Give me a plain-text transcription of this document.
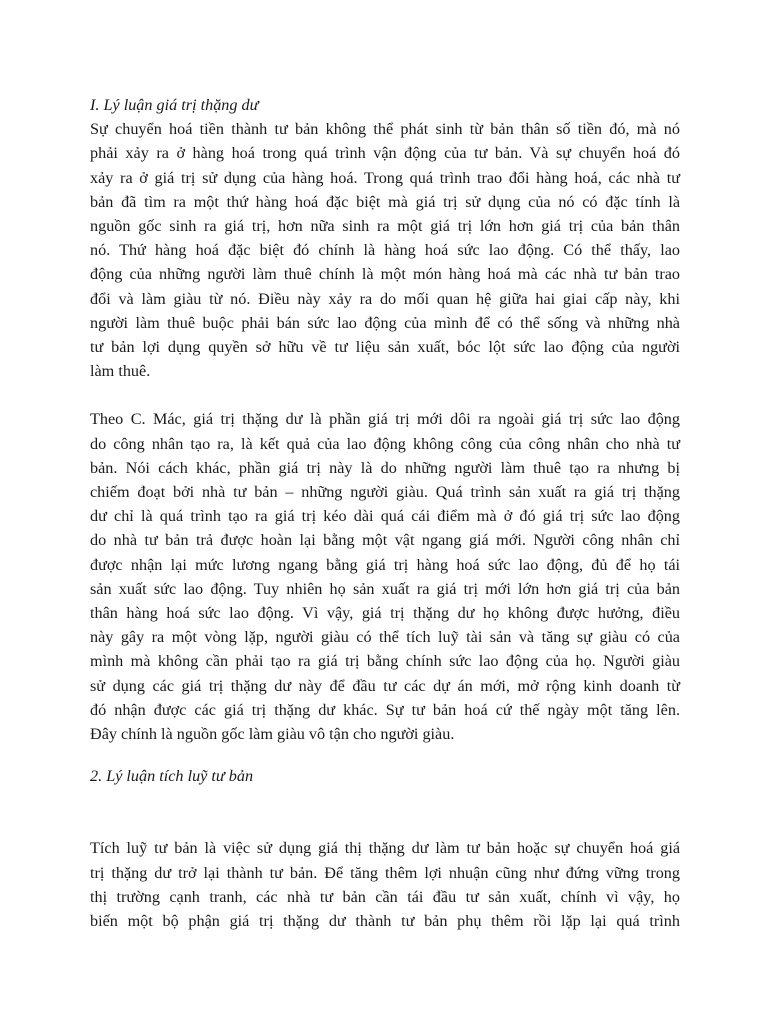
I. Lý luận giá trị thặng dư

Sự chuyển hoá tiền thành tư bản không thể phát sinh từ bản thân số tiền đó, mà nó
phải xảy ra ở hàng hoá trong quá trình vận động của tư bản. Và sự chuyển hoá đó
xảy ra ở giá trị sử dụng của hàng hoá. Trong quá trình trao đổi hàng hoá, các nhà tư
bản đã tìm ra một thứ hàng hoá đặc biệt mà giá trị sử dụng của nó có đặc tính là
nguồn gốc sinh ra giá trị, hơn nữa sinh ra một giá trị lớn hơn giá trị của bản thân
nó. Thứ hàng hoá đặc biệt đó chính là hàng hoá sức lao động. Có thể thấy, lao
động của những người làm thuê chính là một món hàng hoá mà các nhà tư bản trao
đổi và làm giàu từ nó. Điều này xảy ra do mối quan hệ giữa hai giai cấp này, khi
người làm thuê buộc phải bán sức lao động của mình để có thể sống và những nhà
tư bản lợi dụng quyền sở hữu về tư liệu sản xuất, bóc lột sức lao động của người
làm thuê.

Theo C. Mác, giá trị thặng dư là phần giá trị mới dôi ra ngoài giá trị sức lao động
do công nhân tạo ra, là kết quả của lao động không công của công nhân cho nhà tư
bản. Nói cách khác, phần giá trị này là do những người làm thuê tạo ra nhưng bị
chiếm đoạt bởi nhà tư bản – những người giàu. Quá trình sản xuất ra giá trị thặng
dư chỉ là quá trình tạo ra giá trị kéo dài quá cái điểm mà ở đó giá trị sức lao động
do nhà tư bản trả được hoàn lại bằng một vật ngang giá mới. Người công nhân chỉ
được nhận lại mức lương ngang bằng giá trị hàng hoá sức lao động, đủ để họ tái
sản xuất sức lao động. Tuy nhiên họ sản xuất ra giá trị mới lớn hơn giá trị của bản
thân hàng hoá sức lao động. Vì vậy, giá trị thặng dư họ không được hưởng, điều
này gây ra một vòng lặp, người giàu có thể tích luỹ tài sản và tăng sự giàu có của
mình mà không cần phải tạo ra giá trị bằng chính sức lao động của họ. Người giàu
sử dụng các giá trị thặng dư này để đầu tư các dự án mới, mở rộng kinh doanh từ
đó nhận được các giá trị thặng dư khác. Sự tư bản hoá cứ thế ngày một tăng lên.
Đây chính là nguồn gốc làm giàu vô tận cho người giàu.

2. Lý luận tích luỹ tư bản

Tích luỹ tư bản là việc sử dụng giá thị thặng dư làm tư bản hoặc sự chuyển hoá giá
trị thặng dư trở lại thành tư bản. Để tăng thêm lợi nhuận cũng như đứng vững trong
thị trường cạnh tranh, các nhà tư bản cần tái đầu tư sản xuất, chính vì vậy, họ
biến một bộ phận giá trị thặng dư thành tư bản phụ thêm rồi lặp lại quá trình
